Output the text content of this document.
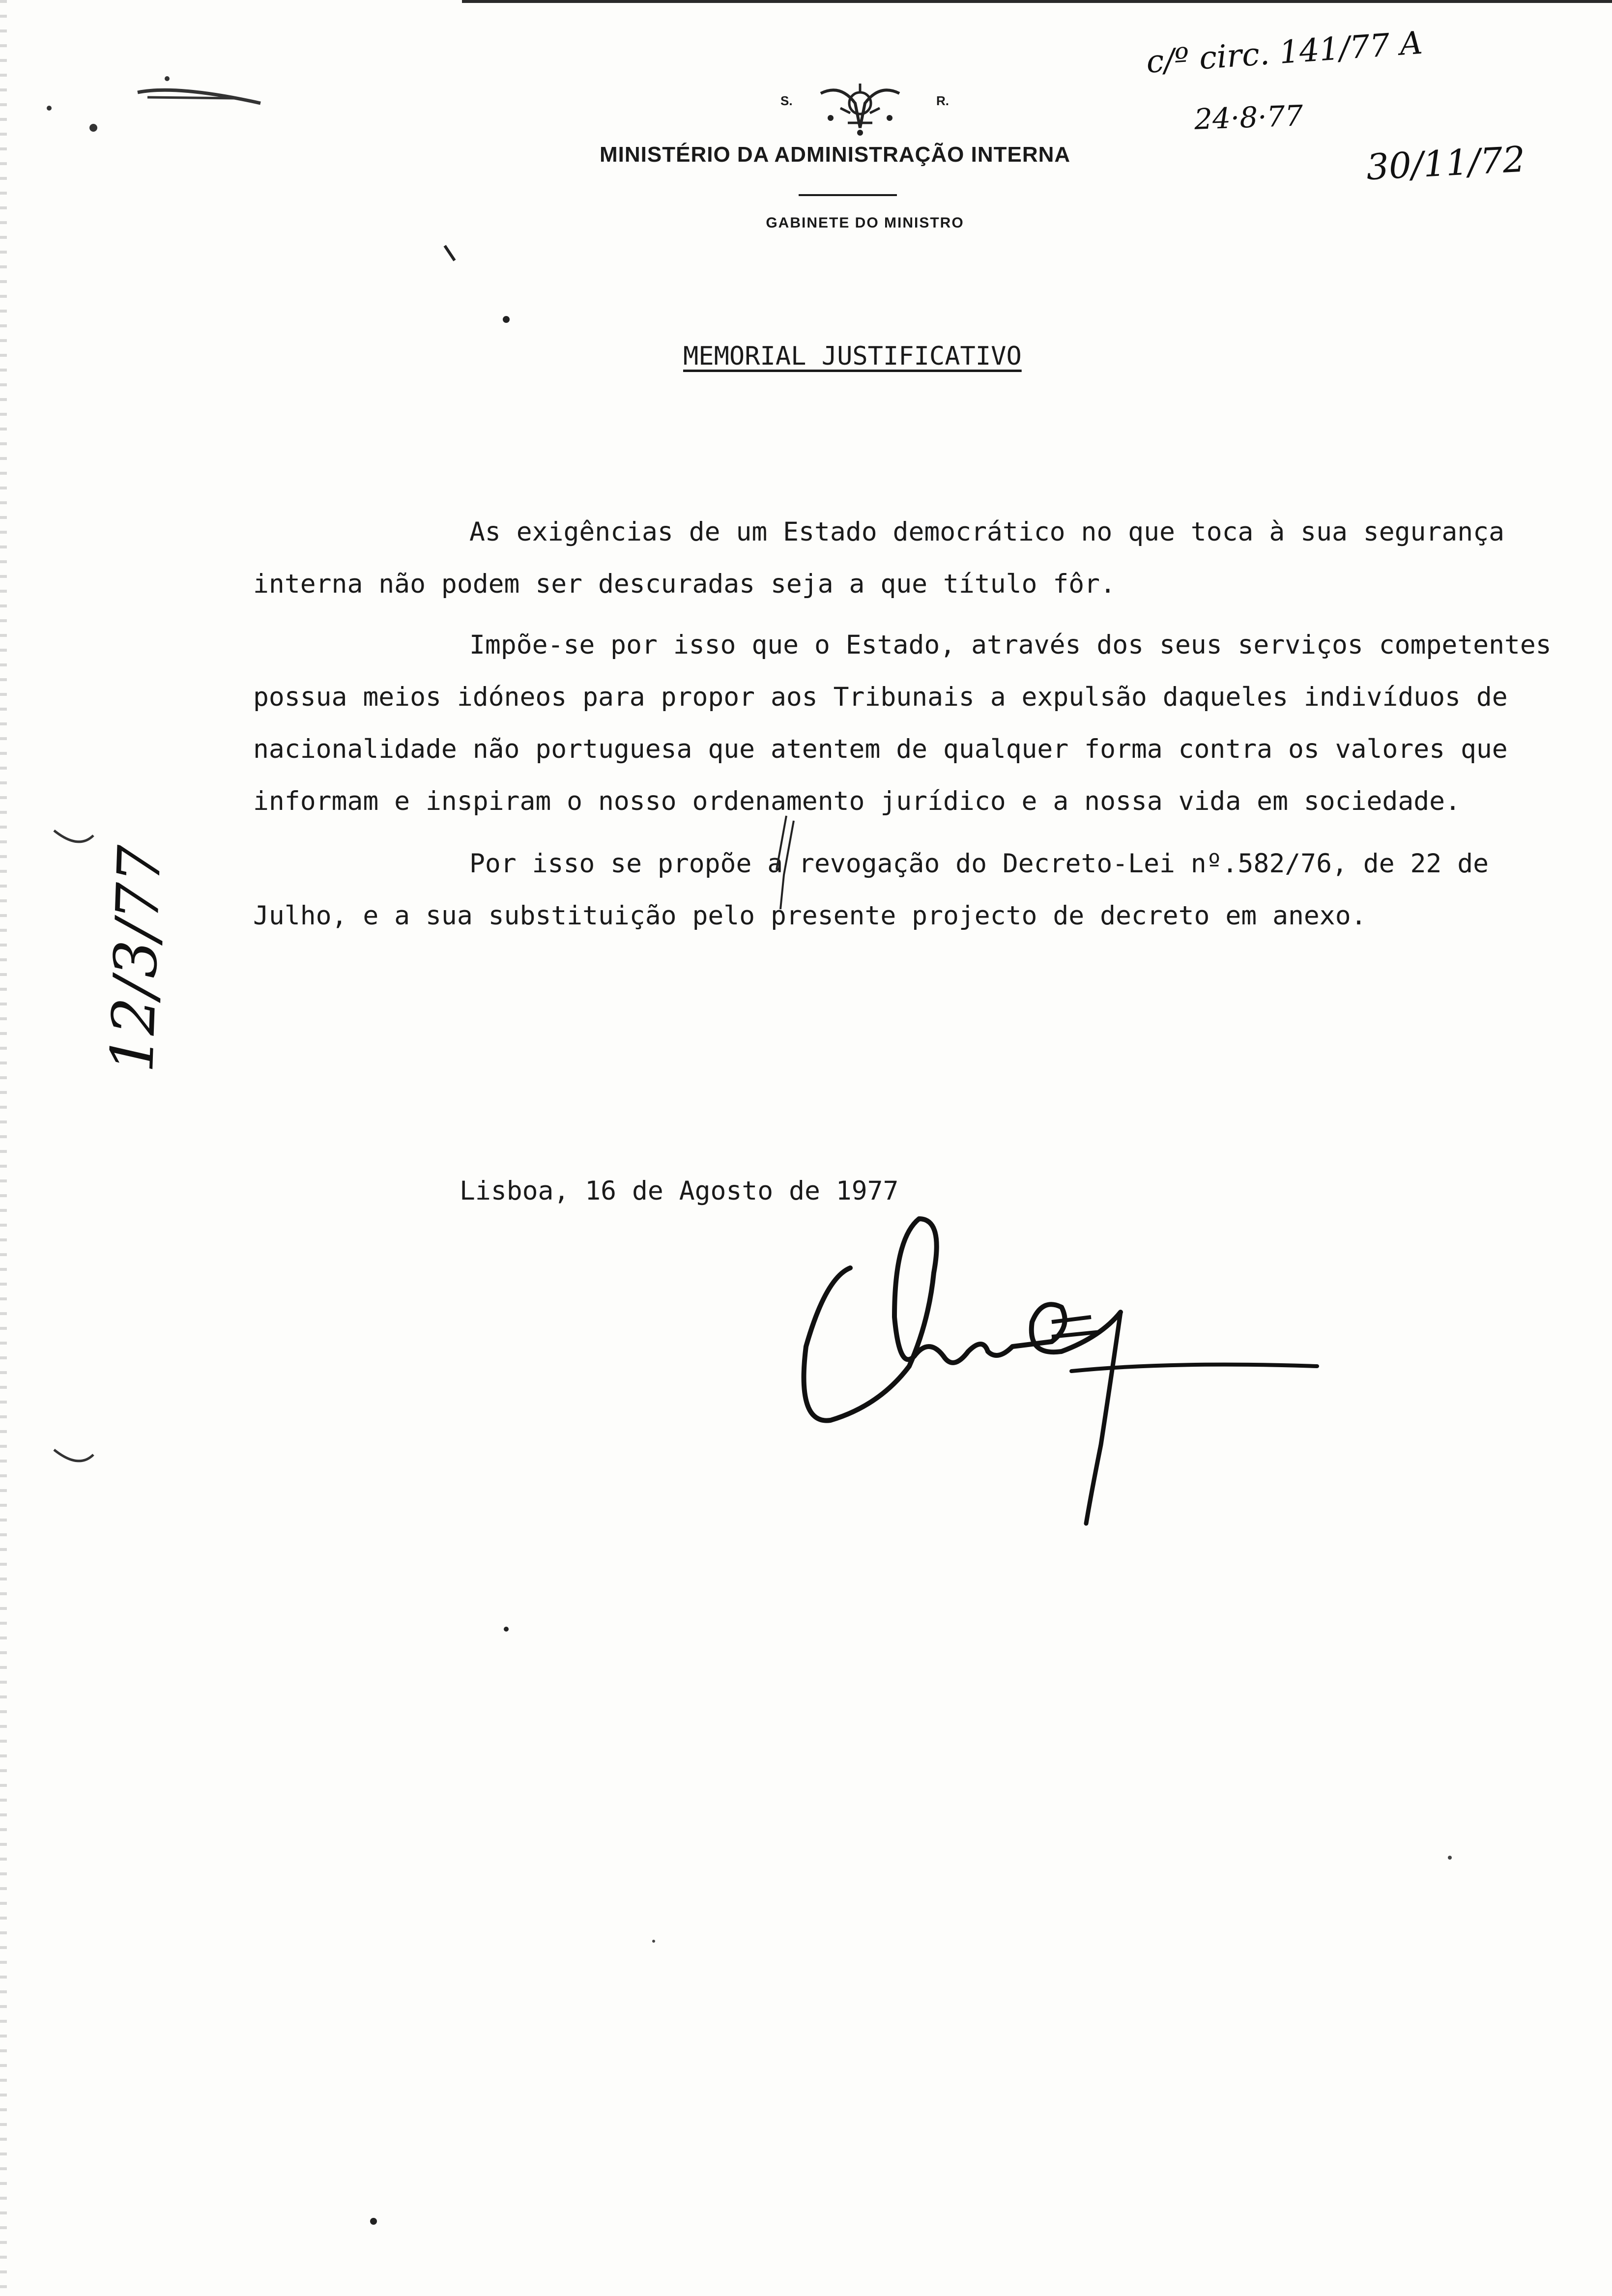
S.	R.
MINISTÉRIO DA ADMINISTRAÇÃO INTERNA
GABINETE DO MINISTRO
c/º circ. 141/77 A
24·8·77
30/11/72
12/3/77
MEMORIAL JUSTIFICATIVO
As exigências de um Estado democrático no que toca à sua segurança
interna não podem ser descuradas seja a que título fôr.
Impõe-se por isso que o Estado, através dos seus serviços competentes
possua meios idóneos para propor aos Tribunais a expulsão daqueles indivíduos de
nacionalidade não portuguesa que atentem de qualquer forma contra os valores que
informam e inspiram o nosso ordenamento jurídico e a nossa vida em sociedade.
Por isso se propõe a revogação do Decreto-Lei nº.582/76, de 22 de
Julho, e a sua substituição pelo presente projecto de decreto em anexo.
Lisboa, 16 de Agosto de 1977
